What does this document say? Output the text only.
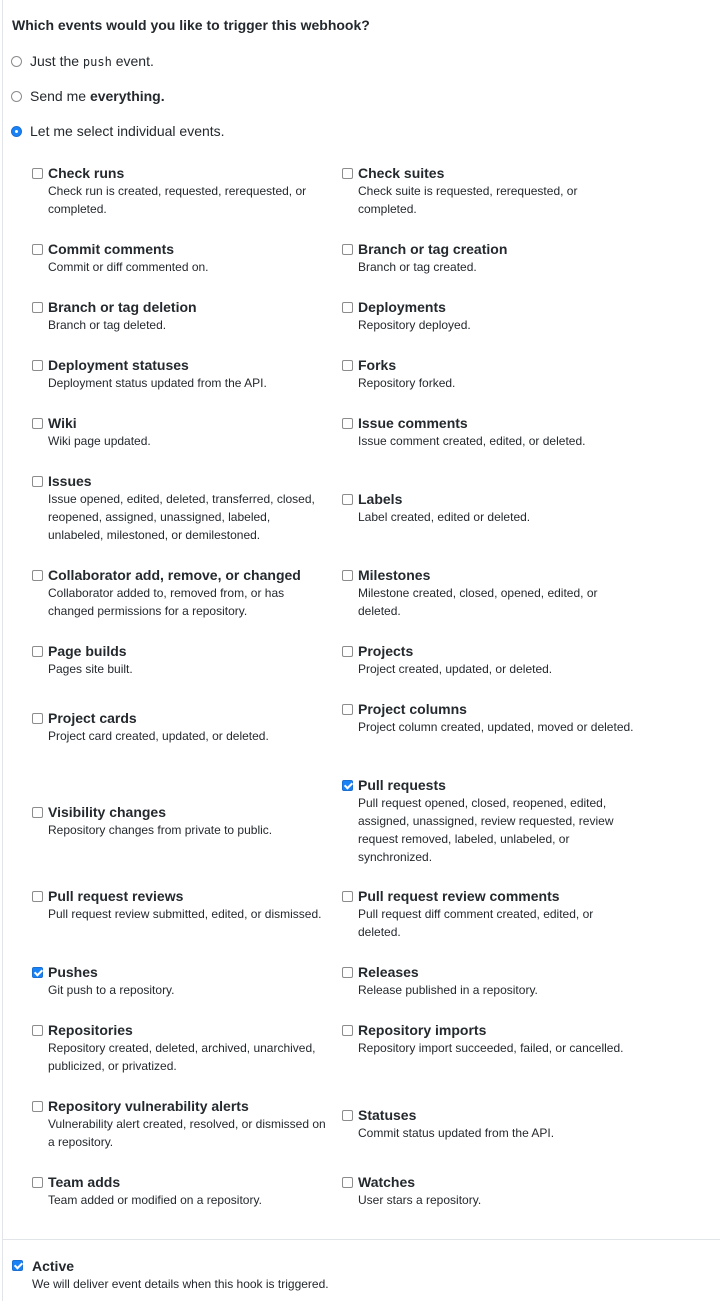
Which events would you like to trigger this webhook?
Just the push event.
Send me everything.
Let me select individual events.
Check runs
Check run is created, requested, rerequested, or completed.
Check suites
Check suite is requested, rerequested, or completed.
Commit comments
Commit or diff commented on.
Branch or tag creation
Branch or tag created.
Branch or tag deletion
Branch or tag deleted.
Deployments
Repository deployed.
Deployment statuses
Deployment status updated from the API.
Forks
Repository forked.
Wiki
Wiki page updated.
Issue comments
Issue comment created, edited, or deleted.
Issues
Issue opened, edited, deleted, transferred, closed, reopened, assigned, unassigned, labeled, unlabeled, milestoned, or demilestoned.
Labels
Label created, edited or deleted.
Collaborator add, remove, or changed
Collaborator added to, removed from, or has changed permissions for a repository.
Milestones
Milestone created, closed, opened, edited, or deleted.
Page builds
Pages site built.
Projects
Project created, updated, or deleted.
Project cards
Project card created, updated, or deleted.
Project columns
Project column created, updated, moved or deleted.
Visibility changes
Repository changes from private to public.
Pull requests
Pull request opened, closed, reopened, edited, assigned, unassigned, review requested, review request removed, labeled, unlabeled, or synchronized.
Pull request reviews
Pull request review submitted, edited, or dismissed.
Pull request review comments
Pull request diff comment created, edited, or deleted.
Pushes
Git push to a repository.
Releases
Release published in a repository.
Repositories
Repository created, deleted, archived, unarchived, publicized, or privatized.
Repository imports
Repository import succeeded, failed, or cancelled.
Repository vulnerability alerts
Vulnerability alert created, resolved, or dismissed on a repository.
Statuses
Commit status updated from the API.
Team adds
Team added or modified on a repository.
Watches
User stars a repository.
Active
We will deliver event details when this hook is triggered.
